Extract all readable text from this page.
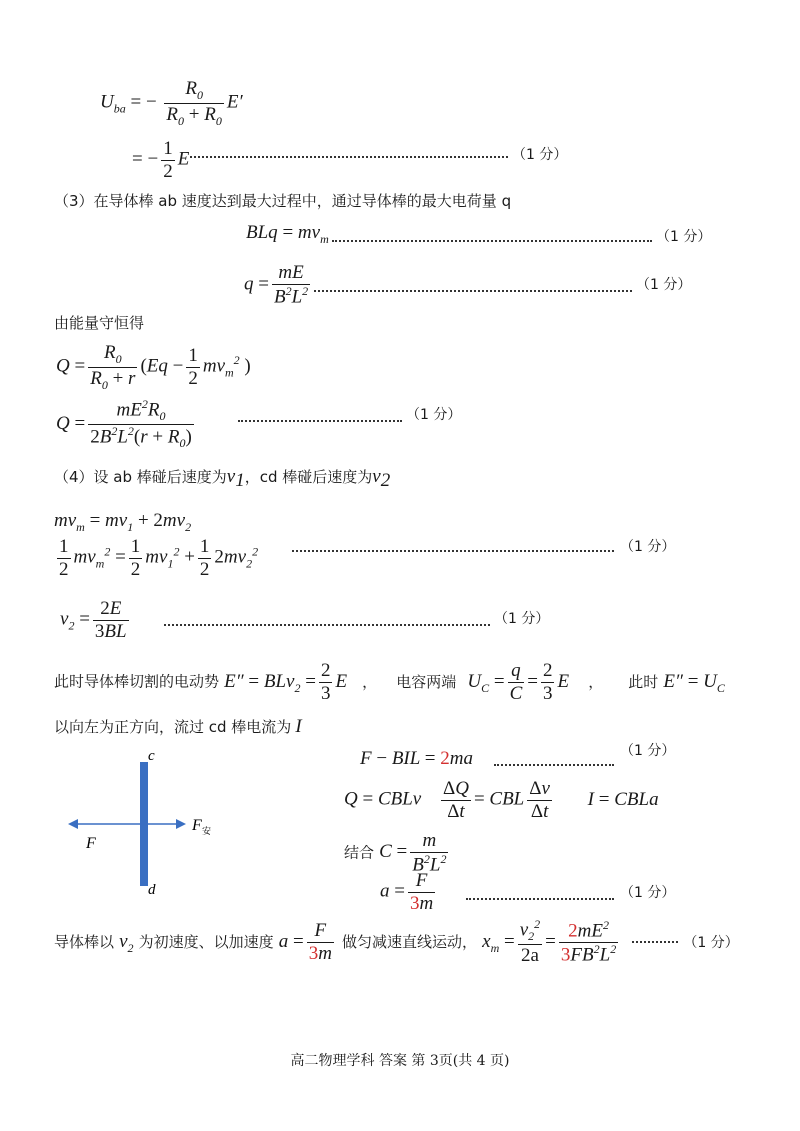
$U_{ba}$ = − $\frac{R_0}{R_0 + R_0} E'$
= − $\frac{1}{2}$ E	（1 分）
（3）在导体棒 ab 速度达到最大过程中，通过导体棒的最大电荷量 q
BLq = $mv_m$	（1 分）
$q = \frac{mE}{B^2L^2}$	（1 分）
由能量守恒得
$Q = \frac{R_0}{R_0 + r} (Eq - \frac{1}{2} mv_m^2$ )
$Q = \frac{mE^2R_0}{2B^2L^2(r + R_0)}$	（1 分）
（4）设 ab 棒碰后速度为$v_1$，cd 棒碰后速度为$v_2$
$mv_m = mv_1 + 2mv_2$
$\frac{1}{2} mv_m^2 = \frac{1}{2} mv_1^2 + \frac{1}{2} 2mv_2^2$	（1 分）
$v_2 = \frac{2E}{3BL}$	（1 分）
此时导体棒切割的电动势 $E'' = BLv_2 = \frac{2}{3}$ E ， 电容两端 $U_C = \frac{q}{C} = \frac{2}{3}$ E ， 此时 $E'' = U_C$
以向左为正方向，流过 cd 棒电流为 I
c
d
F
F 安
F − BIL = 2ma	（1 分）
Q = CBLv $\frac{\Delta Q}{\Delta t}$ = CBL $\frac{\Delta v}{\Delta t}$ I = CBLa
结合 $C = \frac{m}{B^2L^2}$
$a = \frac{F}{3m}$	（1 分）
导体棒以 $v_2$ 为初速度、以加速度 $a = \frac{F}{3m}$ 做匀减速直线运动， $x_m = \frac{v_2^2}{2a} = \frac{2mE^2}{3FB^2L^2}$	（1 分）
高二物理学科 答案 第 3页(共 4 页)
